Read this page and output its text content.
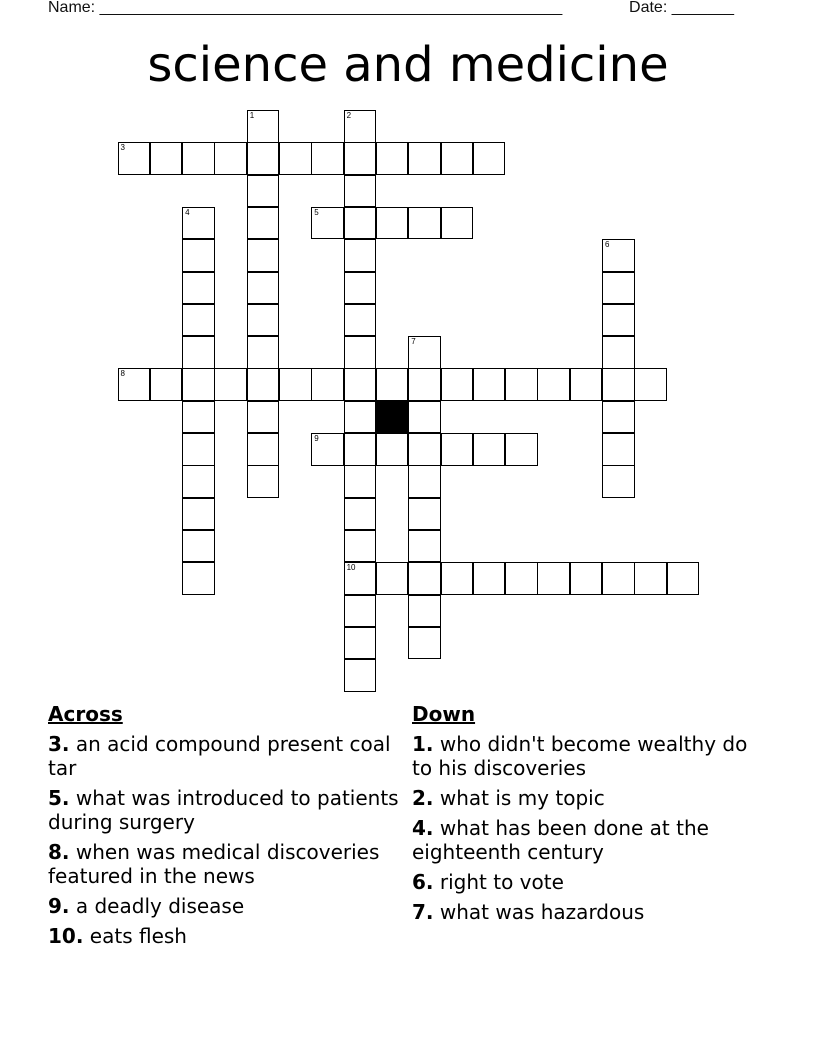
Name: ____________________________________________________	Date: _______
science and medicine
1	2
3
4	5
6
7
8
9
10
Across
3. an acid compound present coal tar
5. what was introduced to patients during surgery
8. when was medical discoveries featured in the news
9. a deadly disease
10. eats flesh
Down
1. who didn't become wealthy do to his discoveries
2. what is my topic
4. what has been done at the eighteenth century
6. right to vote
7. what was hazardous
